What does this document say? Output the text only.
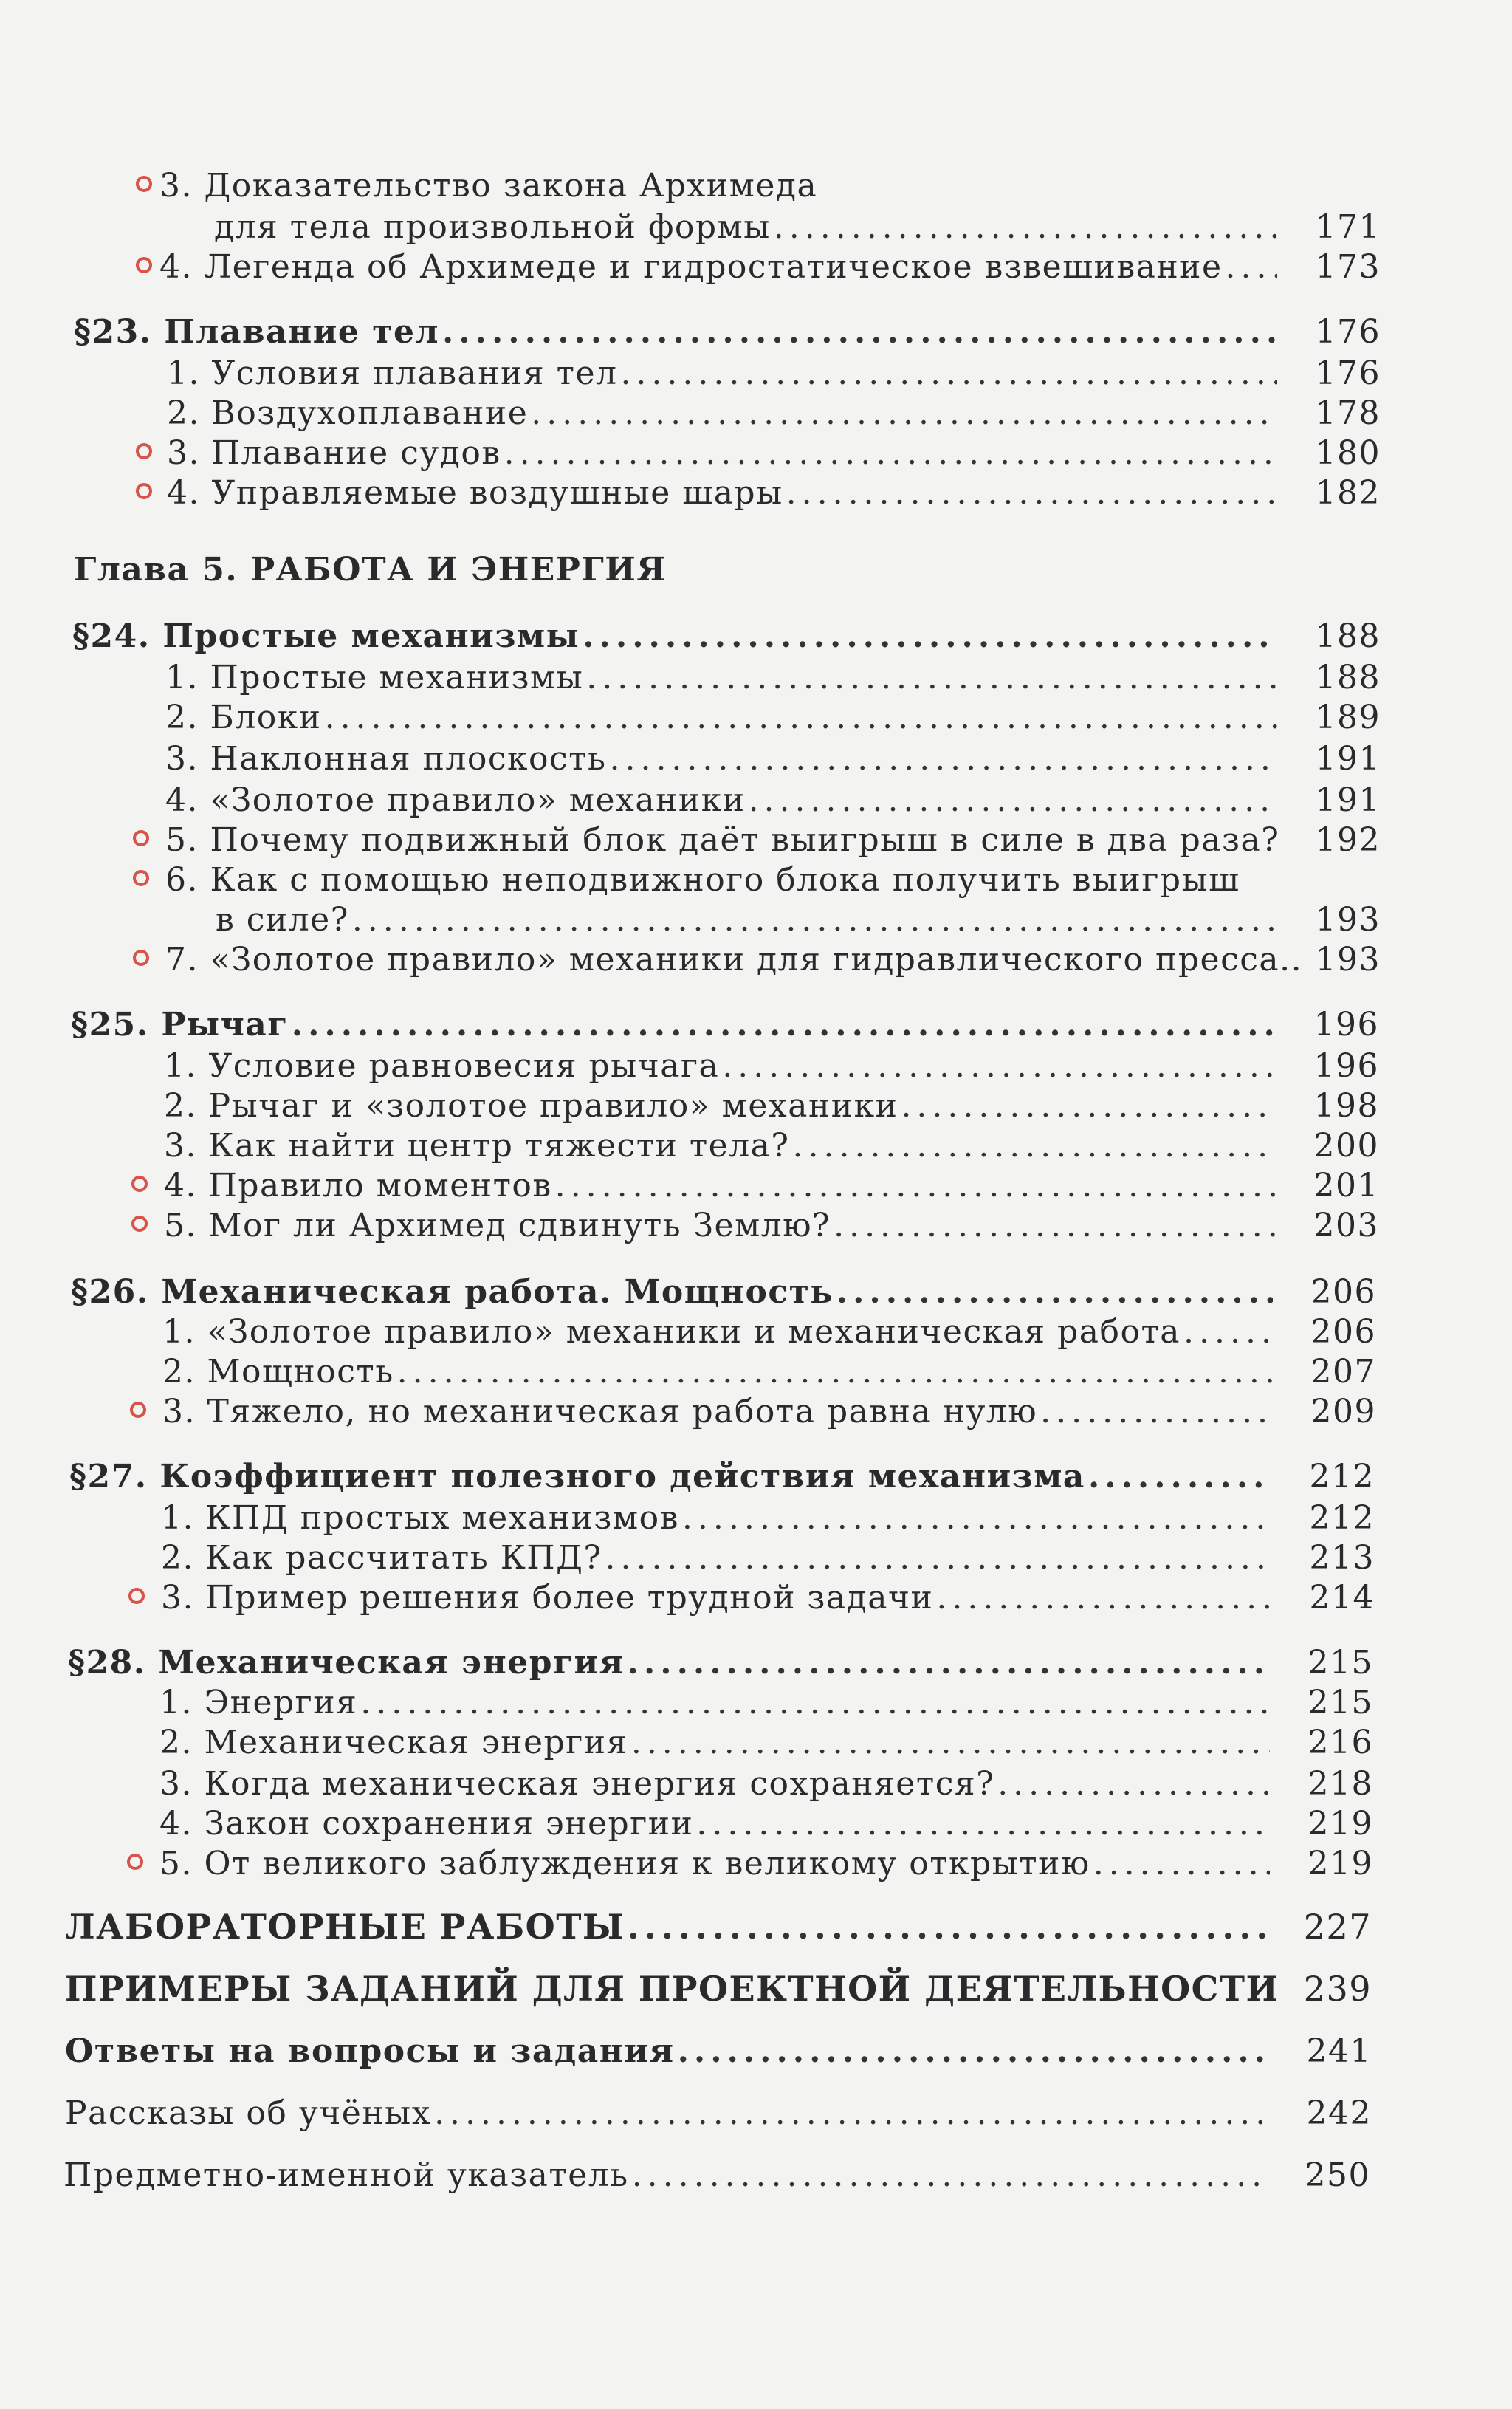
3. Доказательство закона Архимеда
для тела произвольной формы .....	171
4. Легенда об Архимеде и гидростатическое взвешивание .....	173
§23. Плавание тел .....	176
1. Условия плавания тел .....	176
2. Воздухоплавание .....	178
3. Плавание судов .....	180
4. Управляемые воздушные шары .....	182
Глава 5. РАБОТА И ЭНЕРГИЯ
§24. Простые механизмы .....	188
1. Простые механизмы .....	188
2. Блоки .....	189
3. Наклонная плоскость .....	191
4. «Золотое правило» механики .....	191
5. Почему подвижный блок даёт выигрыш в силе в два раза? 192
6. Как с помощью неподвижного блока получить выигрыш
в силе? .....	193
7. «Золотое правило» механики для гидравлического пресса.. 193
§25. Рычаг .....	196
1. Условие равновесия рычага .....	196
2. Рычаг и «золотое правило» механики .....	198
3. Как найти центр тяжести тела? .....	200
4. Правило моментов .....	201
5. Мог ли Архимед сдвинуть Землю? .....	203
§26. Механическая работа. Мощность .....	206
1. «Золотое правило» механики и механическая работа .....	206
2. Мощность .....	207
3. Тяжело, но механическая работа равна нулю .....	209
§27. Коэффициент полезного действия механизма .....	212
1. КПД простых механизмов .....	212
2. Как рассчитать КПД? .....	213
3. Пример решения более трудной задачи .....	214
§28. Механическая энергия .....	215
1. Энергия .....	215
2. Механическая энергия .....	216
3. Когда механическая энергия сохраняется? .....	218
4. Закон сохранения энергии .....	219
5. От великого заблуждения к великому открытию .....	219
ЛАБОРАТОРНЫЕ РАБОТЫ .....	227
ПРИМЕРЫ ЗАДАНИЙ ДЛЯ ПРОЕКТНОЙ ДЕЯТЕЛЬНОСТИ 239
Ответы на вопросы и задания .....	241
Рассказы об учёных .....	242
Предметно-именной указатель .....	250
